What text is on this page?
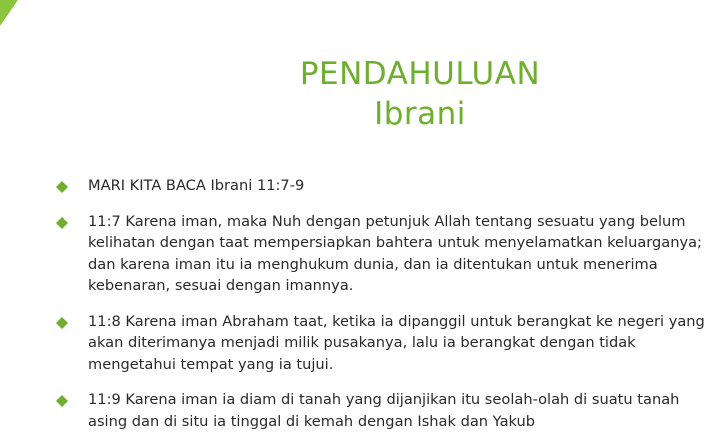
PENDAHULUAN
Ibrani
MARI KITA BACA Ibrani 11:7-9
11:7 Karena iman, maka Nuh dengan petunjuk Allah tentang sesuatu yang belum kelihatan dengan taat mempersiapkan bahtera untuk menyelamatkan keluarganya; dan karena iman itu ia menghukum dunia, dan ia ditentukan untuk menerima kebenaran, sesuai dengan imannya.
11:8 Karena iman Abraham taat, ketika ia dipanggil untuk berangkat ke negeri yang akan diterimanya menjadi milik pusakanya, lalu ia berangkat dengan tidak mengetahui tempat yang ia tujui.
11:9 Karena iman ia diam di tanah yang dijanjikan itu seolah-olah di suatu tanah asing dan di situ ia tinggal di kemah dengan Ishak dan Yakub
